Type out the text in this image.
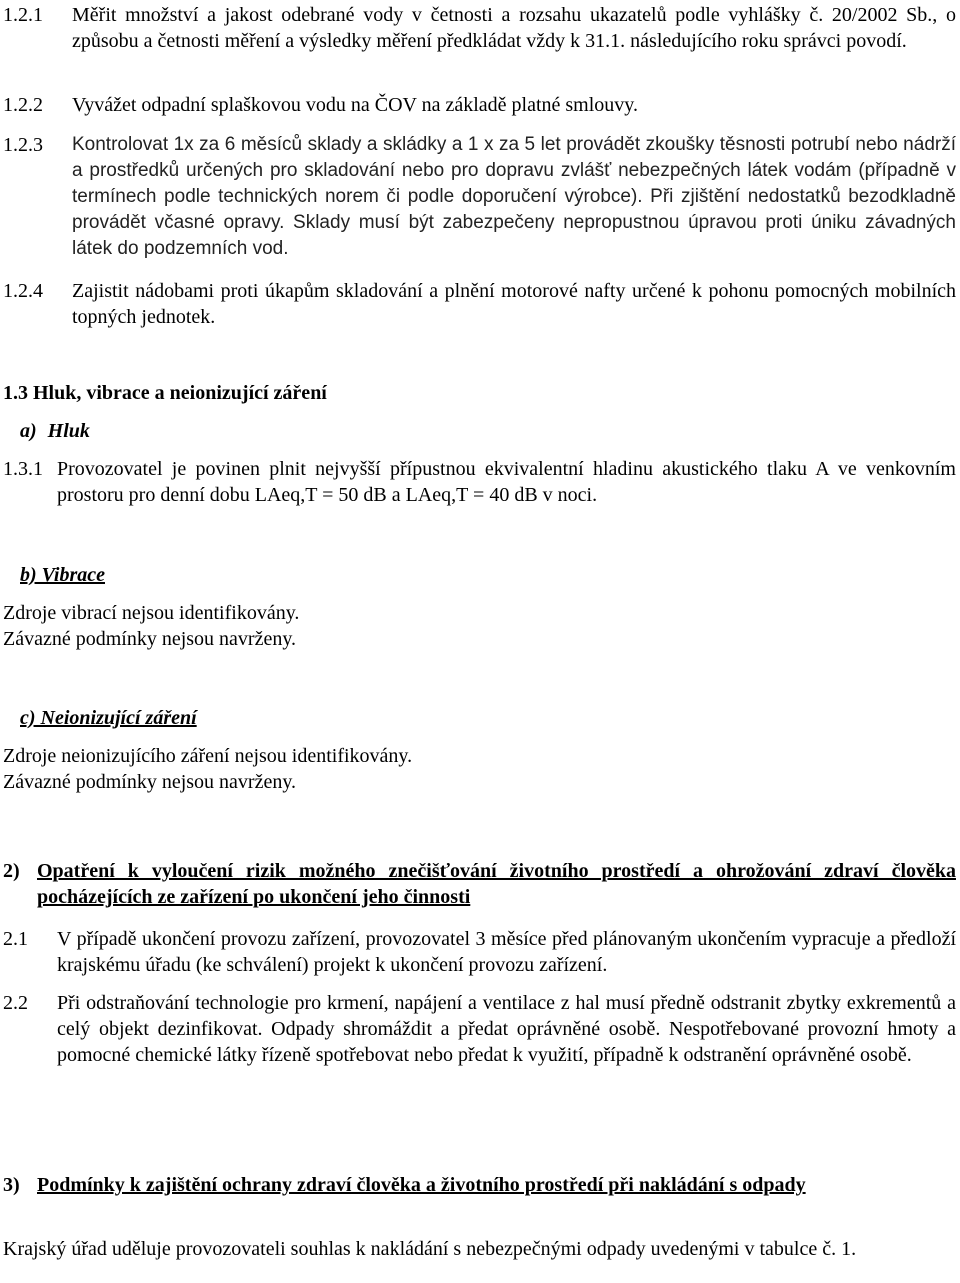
1.2.1 Měřit množství a jakost odebrané vody v četnosti a rozsahu ukazatelů podle vyhlášky č. 20/2002 Sb., o způsobu a četnosti měření a výsledky měření předkládat vždy k 31.1. následujícího roku správci povodí.
1.2.2 Vyvážet odpadní splaškovou vodu na ČOV na základě platné smlouvy.
1.2.3 Kontrolovat 1x za 6 měsíců sklady a skládky a 1 x za 5 let provádět zkoušky těsnosti potrubí nebo nádrží a prostředků určených pro skladování nebo pro dopravu zvlášť nebezpečných látek vodám (případně v termínech podle technických norem či podle doporučení výrobce). Při zjištění nedostatků bezodkladně provádět včasné opravy. Sklady musí být zabezpečeny nepropustnou úpravou proti úniku závadných látek do podzemních vod.
1.2.4 Zajistit nádobami proti úkapům skladování a plnění motorové nafty určené k pohonu pomocných mobilních topných jednotek.
1.3 Hluk, vibrace a neionizující záření
a) Hluk
1.3.1 Provozovatel je povinen plnit nejvyšší přípustnou ekvivalentní hladinu akustického tlaku A ve venkovním prostoru pro denní dobu LAeq,T = 50 dB a LAeq,T = 40 dB v noci.
b) Vibrace
Zdroje vibrací nejsou identifikovány.
Závazné podmínky nejsou navrženy.
c) Neionizující záření
Zdroje neionizujícího záření nejsou identifikovány.
Závazné podmínky nejsou navrženy.
2) Opatření k vyloučení rizik možného znečišťování životního prostředí a ohrožování zdraví člověka pocházejících ze zařízení po ukončení jeho činnosti
2.1 V případě ukončení provozu zařízení, provozovatel 3 měsíce před plánovaným ukončením vypracuje a předloží krajskému úřadu (ke schválení) projekt k ukončení provozu zařízení.
2.2 Při odstraňování technologie pro krmení, napájení a ventilace z hal musí předně odstranit zbytky exkrementů a celý objekt dezinfikovat. Odpady shromáždit a předat oprávněné osobě. Nespotřebované provozní hmoty a pomocné chemické látky řízeně spotřebovat nebo předat k využití, případně k odstranění oprávněné osobě.
3) Podmínky k zajištění ochrany zdraví člověka a životního prostředí při nakládání s odpady
Krajský úřad uděluje provozovateli souhlas k nakládání s nebezpečnými odpady uvedenými v tabulce č. 1.
